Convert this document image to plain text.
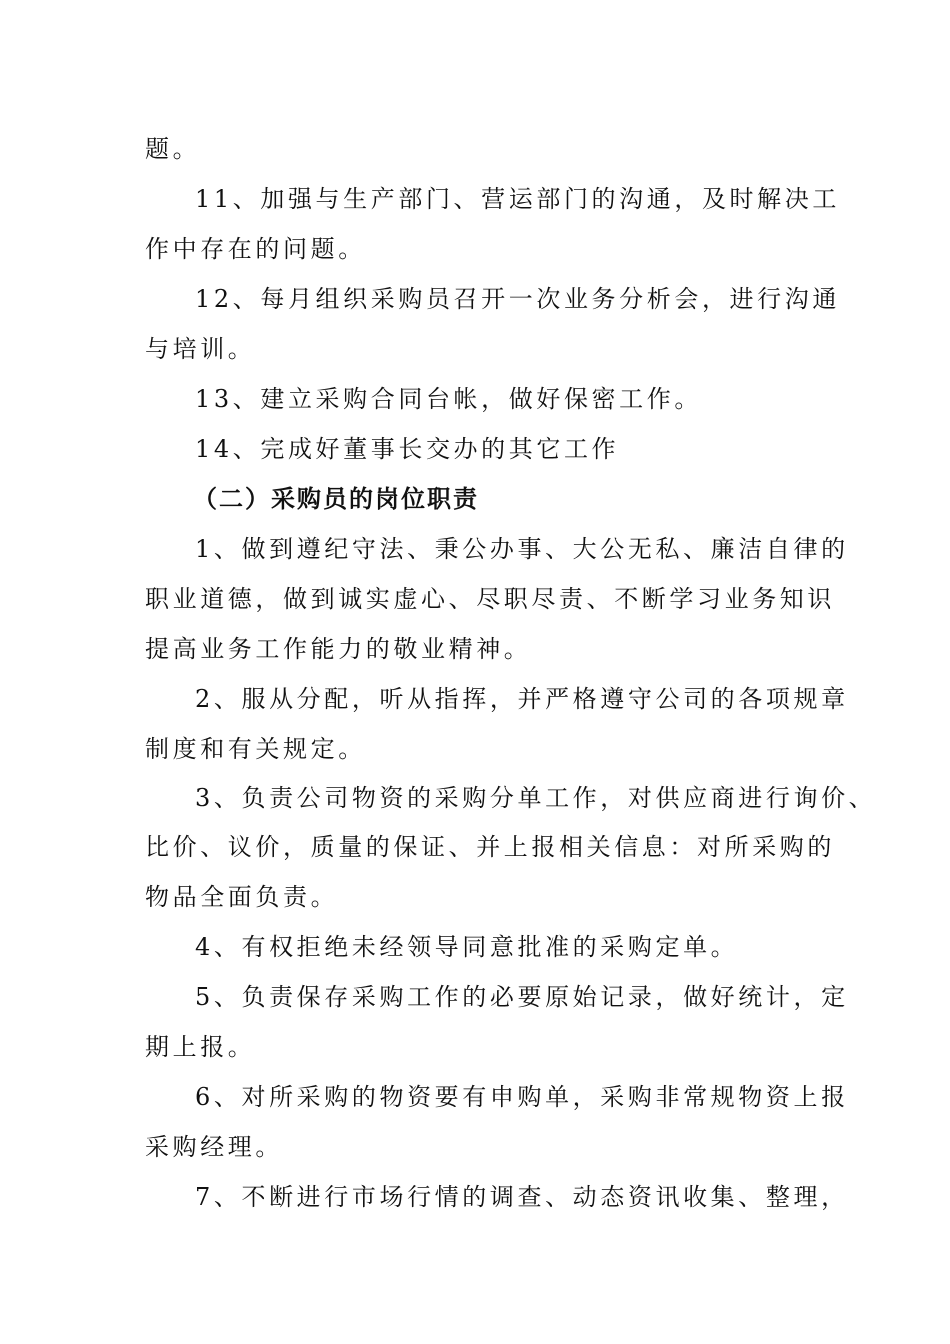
题。
11、加强与生产部门、营运部门的沟通，及时解决工
作中存在的问题。
12、每月组织采购员召开一次业务分析会，进行沟通
与培训。
13、建立采购合同台帐，做好保密工作。
14、完成好董事长交办的其它工作
（二）采购员的岗位职责
1、做到遵纪守法、秉公办事、大公无私、廉洁自律的
职业道德，做到诚实虚心、尽职尽责、不断学习业务知识
提高业务工作能力的敬业精神。
2、服从分配，听从指挥，并严格遵守公司的各项规章
制度和有关规定。
3、负责公司物资的采购分单工作，对供应商进行询价、
比价、议价，质量的保证、并上报相关信息：对所采购的
物品全面负责。
4、有权拒绝未经领导同意批准的采购定单。
5、负责保存采购工作的必要原始记录，做好统计，定
期上报。
6、对所采购的物资要有申购单，采购非常规物资上报
采购经理。
7、不断进行市场行情的调查、动态资讯收集、整理，
